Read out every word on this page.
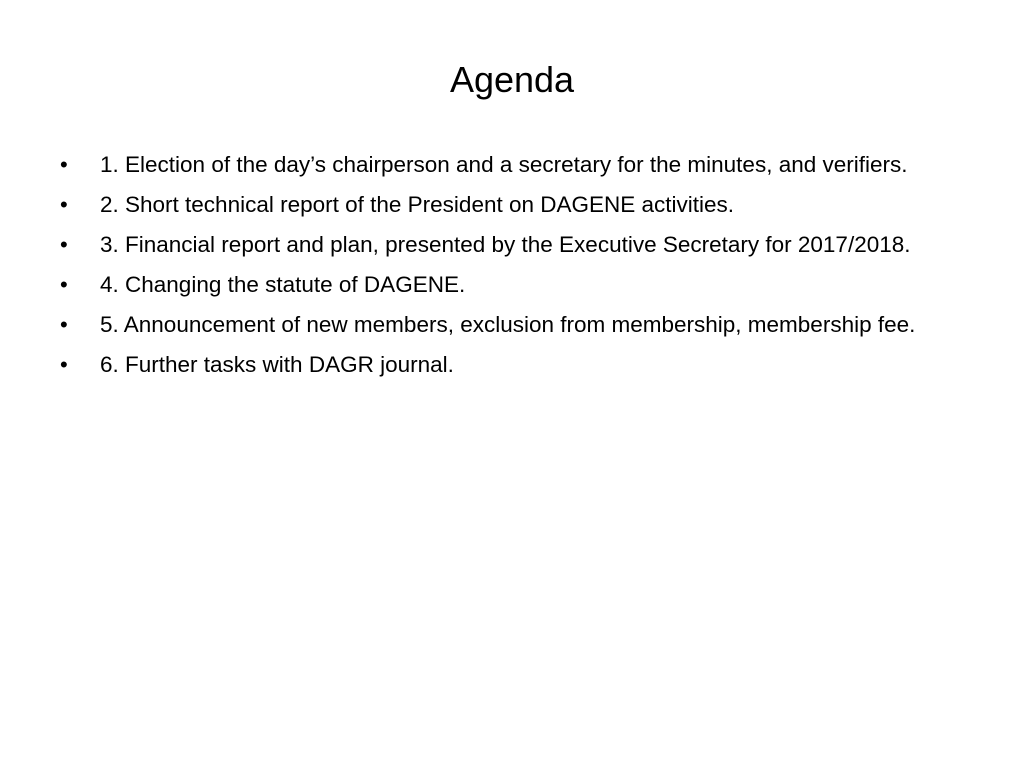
Agenda
•	1. Election of the day’s chairperson and a secretary for the minutes, and verifiers.
•	2. Short technical report of the President on DAGENE activities.
•	3. Financial report and plan, presented by the Executive Secretary for 2017/2018.
•	4. Changing the statute of DAGENE.
•	5. Announcement of new members, exclusion from membership, membership fee.
•	6. Further tasks with DAGR journal.
